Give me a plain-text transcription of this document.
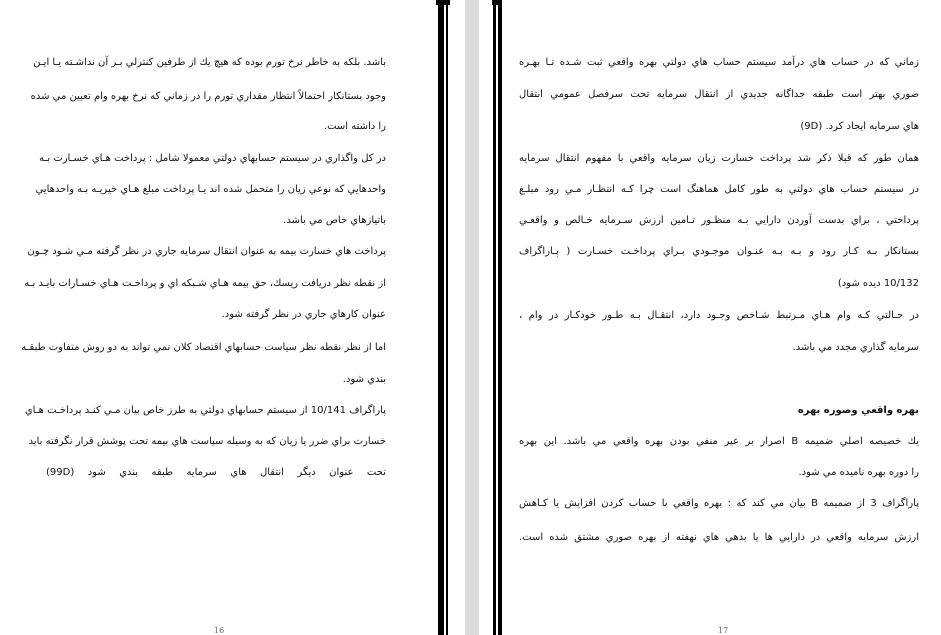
باشد. بلكه به خاطر نرخ تورم بوده كه هيچ يك از طرفين كنترلي بـر آن نداشـته يـا ايـن
وجود بستانكار احتمالاً انتظار مقداري تورم را در زماني كه نرخ بهره وام تعيين مي شده
را داشته است.
در كل واگذاري در سيستم حسابهاي دولتي معمولا شامل : پرداخت هـاي خسـارت بـه
واحدهايي كه نوعي زيان را متحمل شده اند يـا پرداخت مبلغ هـاي خيريـه بـه واحدهايي
باتيازهاي خاص مي باشد.
پرداخت هاي خسارت بيمه به عنوان انتقال سرمايه جاري در نظر گرفته مـي شـود چـون
از نقطه نظر دريافت ريسك، حق بيمه هـاي شـبكه اي و پرداخـت هـاي خسـارات بايـد بـه
عنوان كارهاي جاري در نظر گرفته شود.
اما از نظر نقطه نظر سياست حسابهاي اقتصاد كلان نمي تواند به دو روش متفاوت طبقـه
بندي شود.
پاراگراف 10/141 از سيستم حسابهاي دولتي به طرز خاص بيان مـي كنـد پرداخـت هـاي
خسارت براي ضرر يا زيان كه به وسيله سياست هاي بيمه تحت پوشش قرار نگرفته بايد
تحت عنوان ديگر انتقال هاي سرمايه طبقه بندي شود (99D)
16
زماني كه در حساب هاي درآمد سيستم حساب هاي دولتي بهره واقعي ثبت شـده تـا بهـره
صوري بهتر است طبقه جداگانه جديدي از انتقال سرمايه تحت سرفصل عمومي انتقال
هاي سرمايه ايجاد كرد. (9D)
همان طور كه قبلا ذكر شد پرداخت خسارت زيان سرمايه واقعي با مفهوم انتقال سرمايه
در سيستم حساب هاي دولتي به طور كامل هماهنگ است چرا كـه انتظـار مـي رود مبلـغ
پرداختي ، براي بدست آوردن دارايي بـه منظـور تـامين ارزش سـرمايه خـالص و واقعـي
بستانكار بـه كـار رود و بـه بـه عنـوان موجـودي بـراي پرداخـت خسـارت ( پـاراگراف
10/132 ديده شود)
در حـالتي كـه وام هـاي مـرتبط شـاخص وجـود دارد، انتقـال بـه طـور خودكـار در وام ،
سرمايه گذاري مجدد مي باشد.
بهره واقعي وصوره بهره
يك خصيصه اصلي ضميمه B اصرار بر عير منفي بودن بهره واقعي مي باشد. اين بهره
را دوره بهره ناميده مي شود.
پاراگراف 3 از ضميمه B بيان مي كند كه : بهره واقعي با حساب كردن افزايش يا كـاهش
ارزش سرمايه واقعي در دارايي ها يا بدهي هاي نهفته از بهره صوري مشتق شده است.
17
